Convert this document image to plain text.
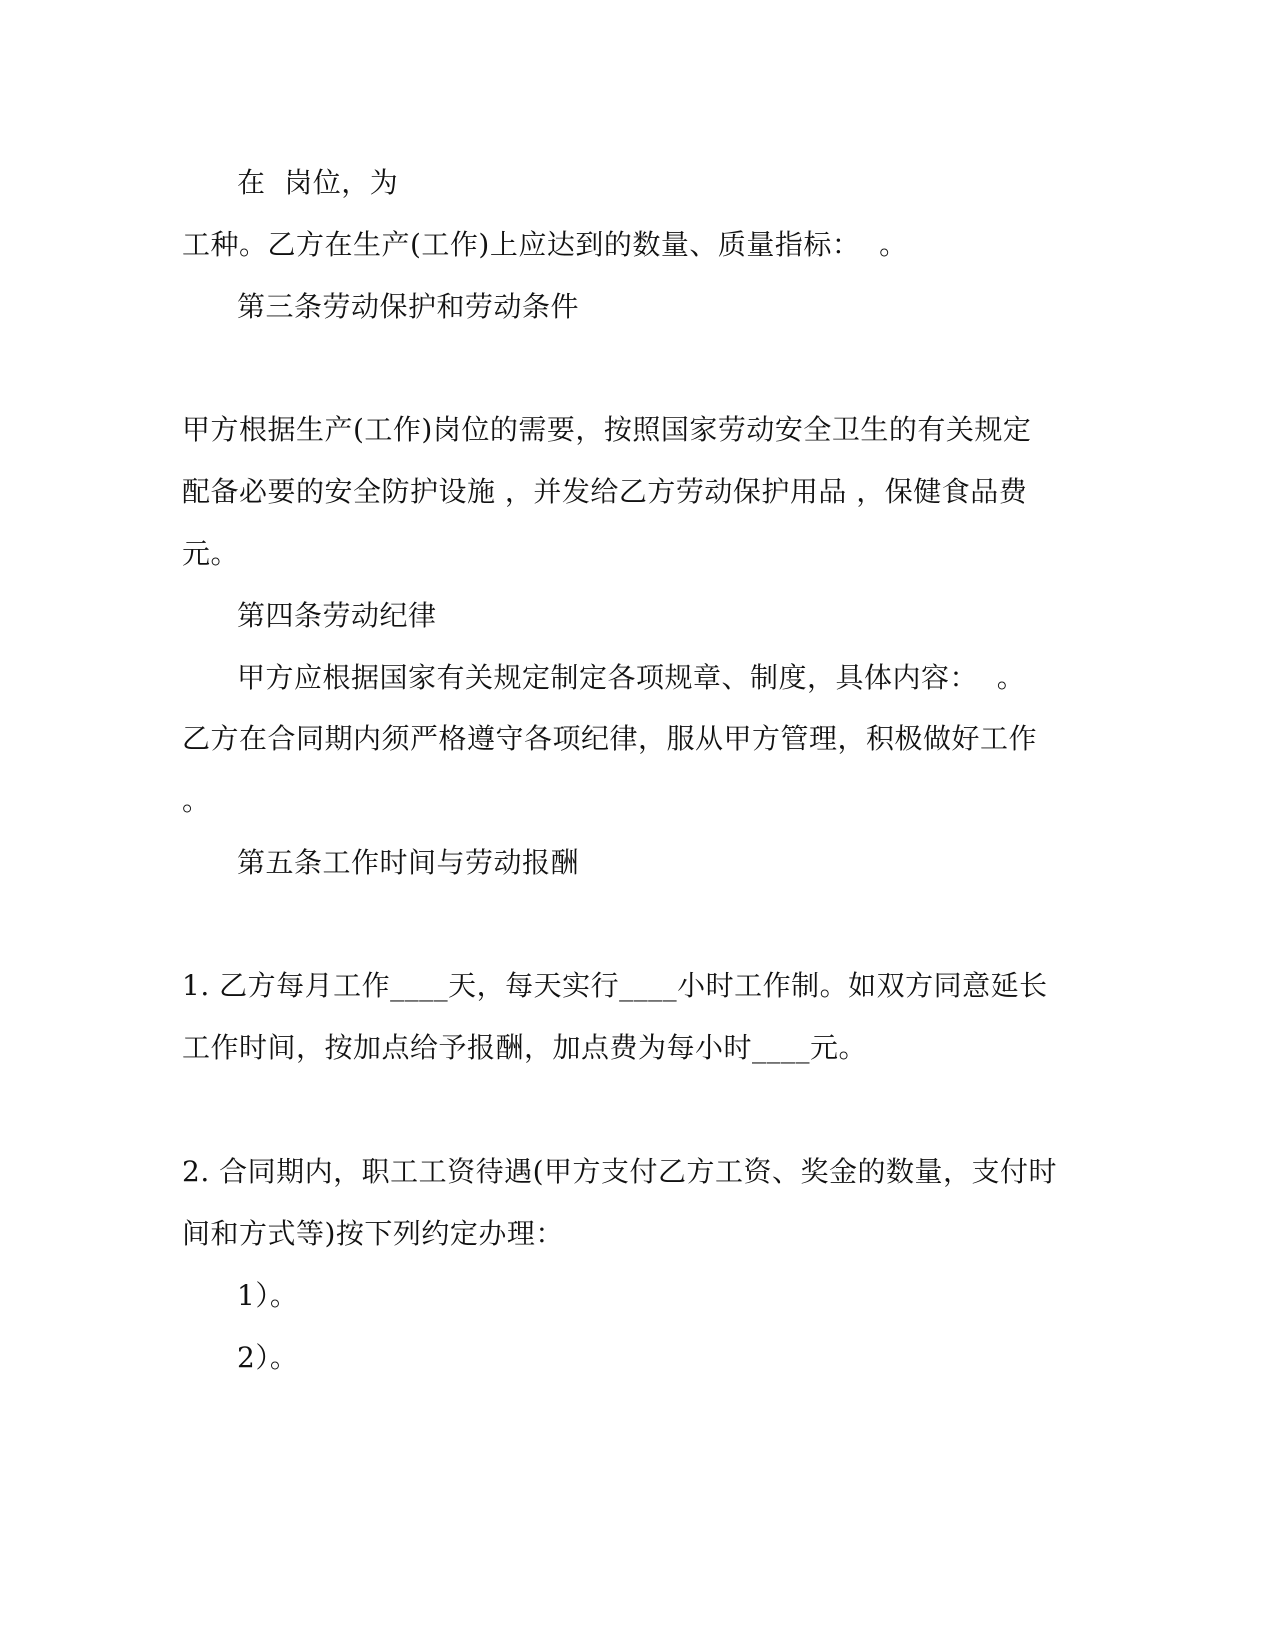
在  岗位，为
工种。乙方在生产(工作)上应达到的数量、质量指标：  。
第三条劳动保护和劳动条件
甲方根据生产(工作)岗位的需要，按照国家劳动安全卫生的有关规定
配备必要的安全防护设施 ，并发给乙方劳动保护用品 ，保健食品费
元。
第四条劳动纪律
甲方应根据国家有关规定制定各项规章、制度，具体内容：  。
乙方在合同期内须严格遵守各项纪律，服从甲方管理，积极做好工作
。
第五条工作时间与劳动报酬
1. 乙方每月工作____天，每天实行____小时工作制。如双方同意延长
工作时间，按加点给予报酬，加点费为每小时____元。
2. 合同期内，职工工资待遇(甲方支付乙方工资、奖金的数量，支付时
间和方式等)按下列约定办理：
1）。
2）。
